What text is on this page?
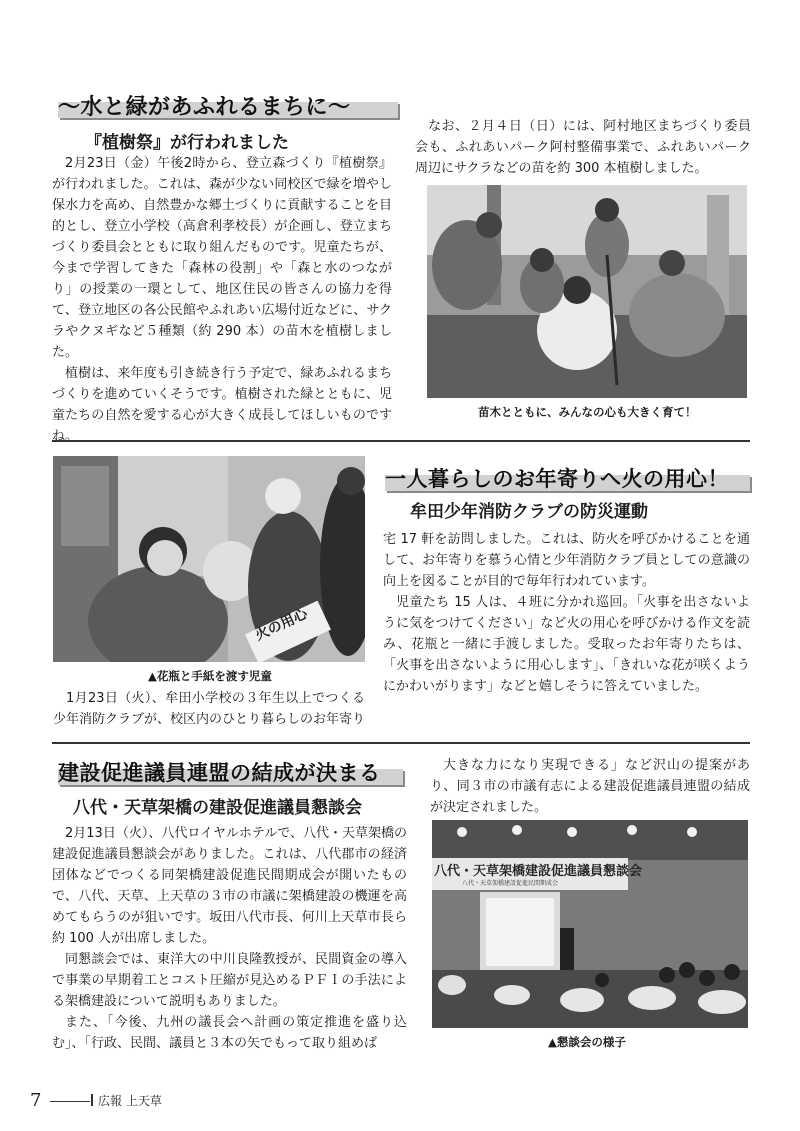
～水と緑があふれるまちに～
『植樹祭』が行われました

2月23日（金）午後2時から、登立森づくり『植樹祭』が行われました。これは、森が少ない同校区で緑を増やし保水力を高め、自然豊かな郷土づくりに貢献することを目的とし、登立小学校（高倉利孝校長）が企画し、登立まちづくり委員会とともに取り組んだものです。児童たちが、今まで学習してきた「森林の役割」や「森と水のつながり」の授業の一環として、地区住民の皆さんの協力を得て、登立地区の各公民館やふれあい広場付近などに、サクラやクヌギなど５種類（約 290 本）の苗木を植樹しました。

植樹は、来年度も引き続き行う予定で、緑あふれるまちづくりを進めていくそうです。植樹された緑とともに、児童たちの自然を愛する心が大きく成長してほしいものですね。

なお、２月４日（日）には、阿村地区まちづくり委員会も、ふれあいパーク阿村整備事業で、ふれあいパーク周辺にサクラなどの苗を約 300 本植樹しました。

苗木とともに、みんなの心も大きく育て！
火の用心
▲花瓶と手紙を渡す児童
一人暮らしのお年寄りへ火の用心！
牟田少年消防クラブの防災運動

宅 17 軒を訪問しました。これは、防火を呼びかけることを通して、お年寄りを慕う心情と少年消防クラブ員としての意識の向上を図ることが目的で毎年行われています。

児童たち 15 人は、４班に分かれ巡回。「火事を出さないように気をつけてください」など火の用心を呼びかける作文を読み、花瓶と一緒に手渡しました。受取ったお年寄りたちは、「火事を出さないように用心します」、「きれいな花が咲くようにかわいがります」などと嬉しそうに答えていました。

1月23日（火）、牟田小学校の３年生以上でつくる少年消防クラブが、校区内のひとり暮らしのお年寄り

建設促進議員連盟の結成が決まる
八代・天草架橋の建設促進議員懇談会

2月13日（火）、八代ロイヤルホテルで、八代・天草架橋の建設促進議員懇談会がありました。これは、八代郡市の経済団体などでつくる同架橋建設促進民間期成会が開いたもので、八代、天草、上天草の３市の市議に架橋建設の機運を高めてもらうのが狙いです。坂田八代市長、何川上天草市長ら約 100 人が出席しました。

同懇談会では、東洋大の中川良隆教授が、民間資金の導入で事業の早期着工とコスト圧縮が見込めるＰＦＩの手法による架橋建設について説明もありました。

また、「今後、九州の議長会へ計画の策定推進を盛り込む」、「行政、民間、議員と３本の矢でもって取り組めば

大きな力になり実現できる」など沢山の提案があり、同３市の市議有志による建設促進議員連盟の結成が決定されました。

八代・天草架橋建設促進議員懇談会
八代・天草架橋建設促進民間期成会
▲懇談会の様子
7	広報 上天草
